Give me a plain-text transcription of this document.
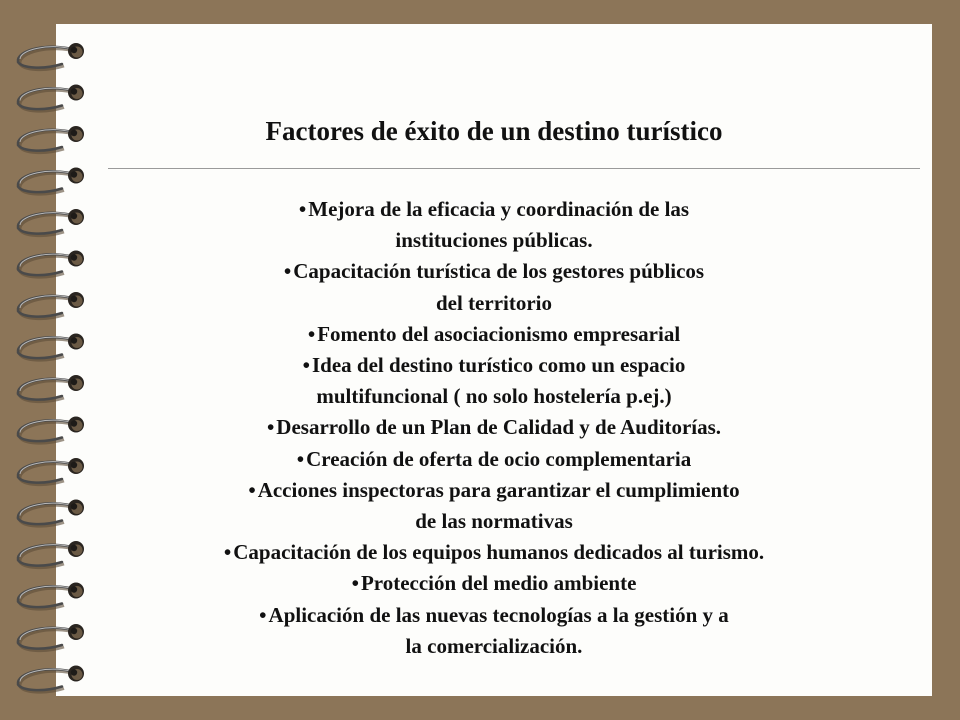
Factores de éxito de un destino turístico
•Mejora de la eficacia y coordinación de las
instituciones públicas.
•Capacitación turística de los gestores públicos
del territorio
•Fomento del asociacionismo empresarial
•Idea del destino turístico como un espacio
multifuncional ( no solo hostelería p.ej.)
•Desarrollo de un Plan de Calidad y de Auditorías.
•Creación de oferta de ocio complementaria
•Acciones inspectoras para garantizar el cumplimiento
de las normativas
•Capacitación de los equipos humanos dedicados al turismo.
•Protección del medio ambiente
•Aplicación de las nuevas tecnologías a la gestión y a
la comercialización.
